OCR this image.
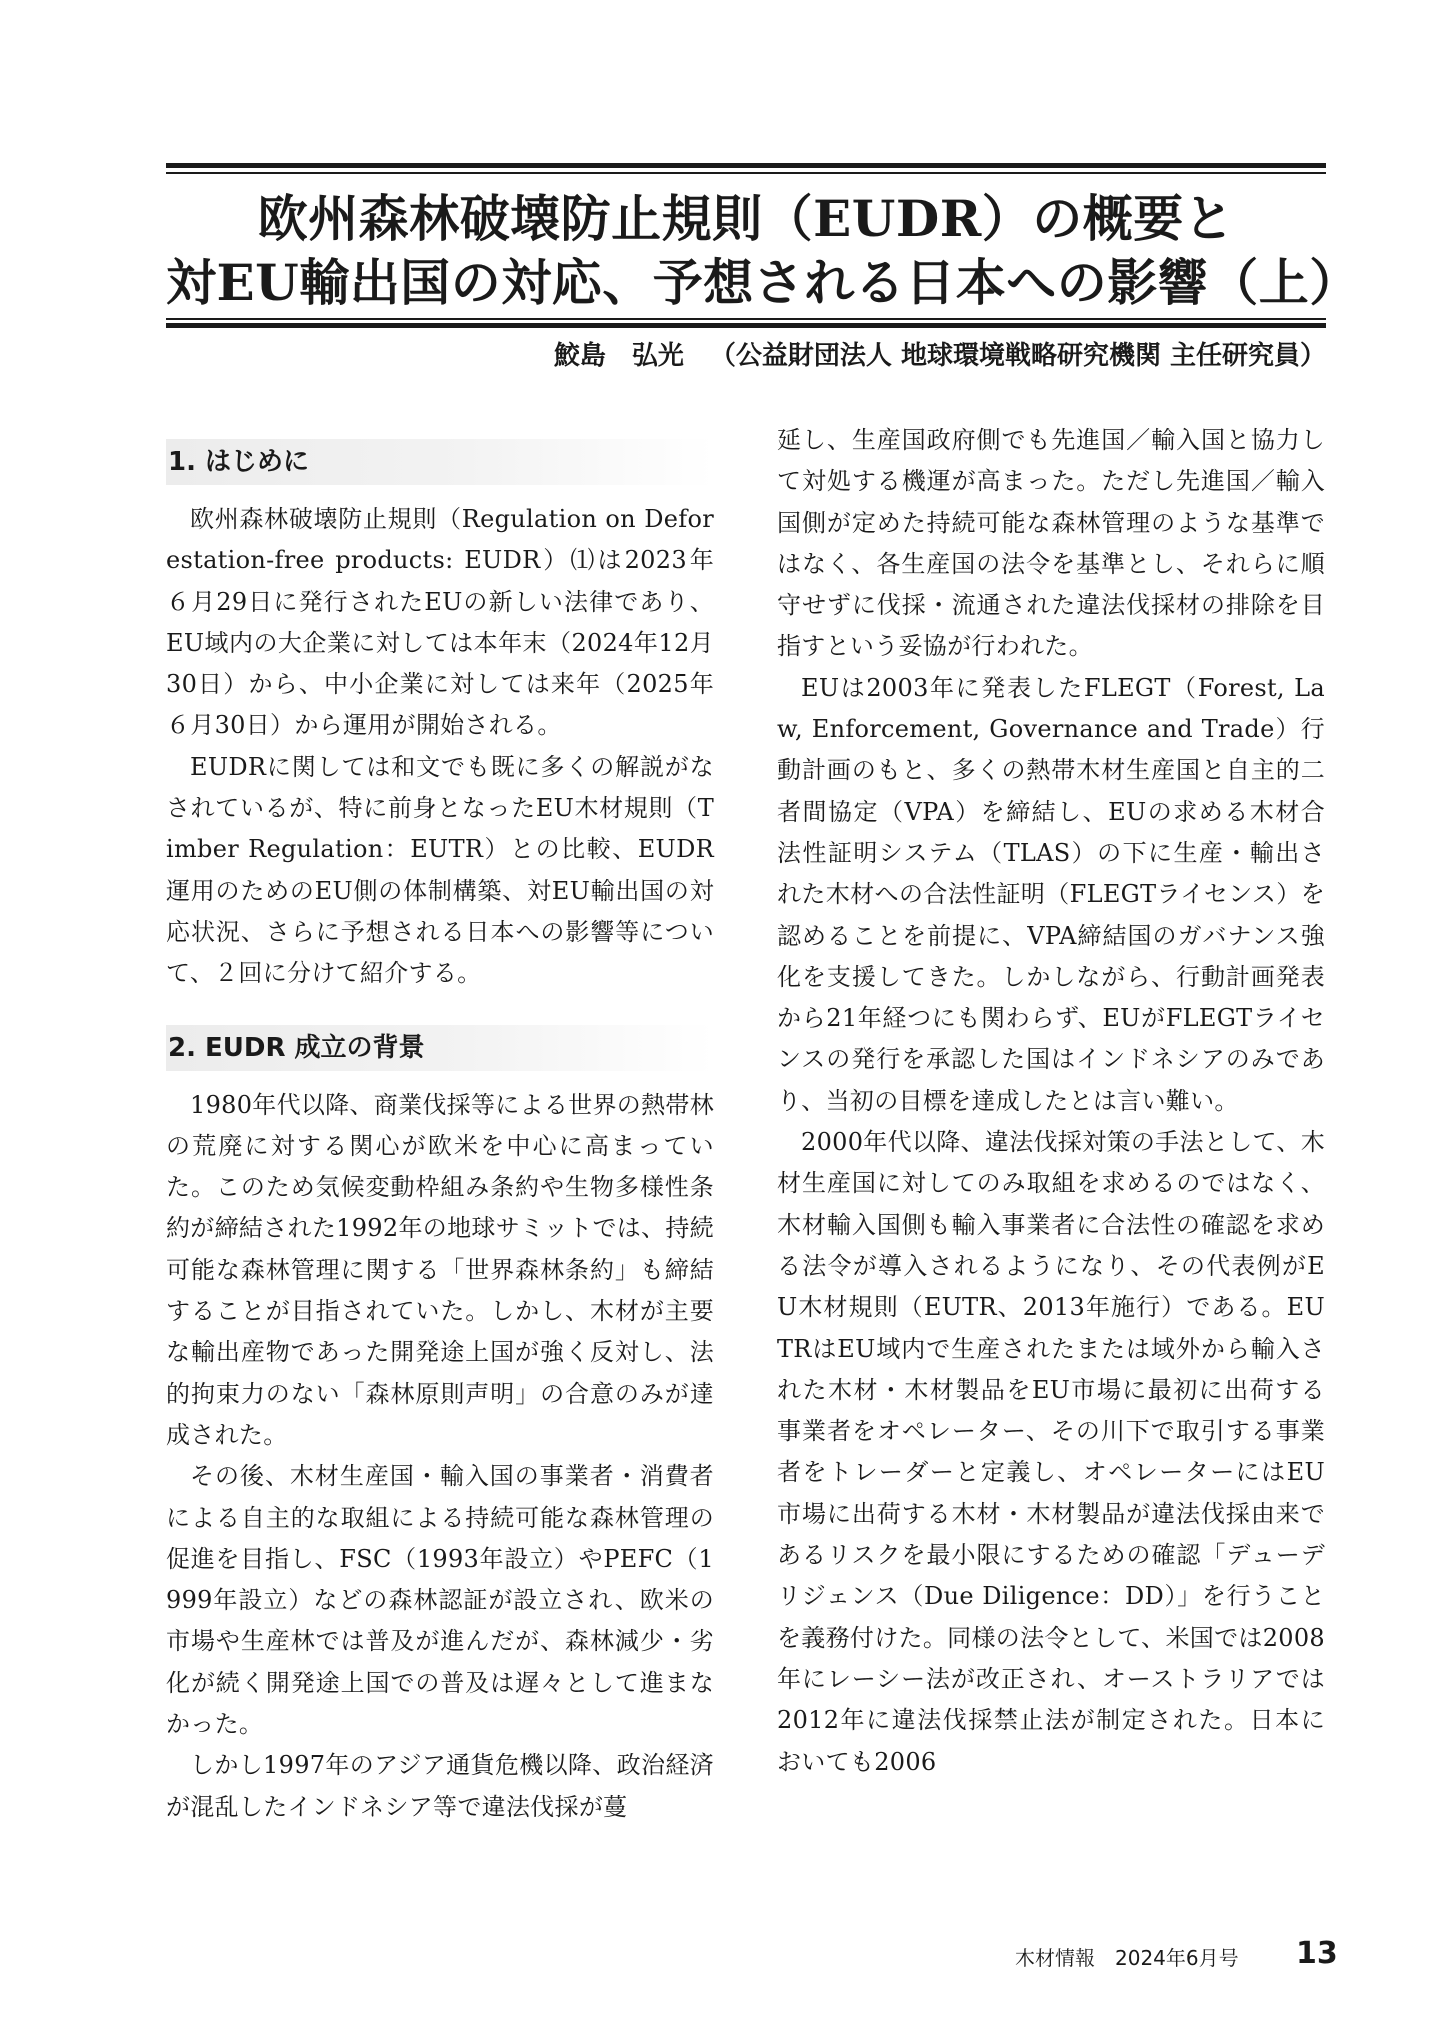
欧州森林破壊防止規則（EUDR）の概要と
対EU輸出国の対応、予想される日本への影響（上）
鮫島　弘光 （公益財団法人 地球環境戦略研究機関 主任研究員）
1. はじめに

欧州森林破壊防止規則（Regulation on Deforestation-free products: EUDR）⑴は2023年６月29日に発行されたEUの新しい法律であり、EU域内の大企業に対しては本年末（2024年12月30日）から、中小企業に対しては来年（2025年６月30日）から運用が開始される。

EUDRに関しては和文でも既に多くの解説がなされているが、特に前身となったEU木材規則（Timber Regulation：EUTR）との比較、EUDR運用のためのEU側の体制構築、対EU輸出国の対応状況、さらに予想される日本への影響等について、２回に分けて紹介する。

2. EUDR 成立の背景

1980年代以降、商業伐採等による世界の熱帯林の荒廃に対する関心が欧米を中心に高まっていた。このため気候変動枠組み条約や生物多様性条約が締結された1992年の地球サミットでは、持続可能な森林管理に関する「世界森林条約」も締結することが目指されていた。しかし、木材が主要な輸出産物であった開発途上国が強く反対し、法的拘束力のない「森林原則声明」の合意のみが達成された。

その後、木材生産国・輸入国の事業者・消費者による自主的な取組による持続可能な森林管理の促進を目指し、FSC（1993年設立）やPEFC（1999年設立）などの森林認証が設立され、欧米の市場や生産林では普及が進んだが、森林減少・劣化が続く開発途上国での普及は遅々として進まなかった。

しかし1997年のアジア通貨危機以降、政治経済が混乱したインドネシア等で違法伐採が蔓

延し、生産国政府側でも先進国／輸入国と協力して対処する機運が高まった。ただし先進国／輸入国側が定めた持続可能な森林管理のような基準ではなく、各生産国の法令を基準とし、それらに順守せずに伐採・流通された違法伐採材の排除を目指すという妥協が行われた。

EUは2003年に発表したFLEGT（Forest, Law, Enforcement, Governance and Trade）行動計画のもと、多くの熱帯木材生産国と自主的二者間協定（VPA）を締結し、EUの求める木材合法性証明システム（TLAS）の下に生産・輸出された木材への合法性証明（FLEGTライセンス）を認めることを前提に、VPA締結国のガバナンス強化を支援してきた。しかしながら、行動計画発表から21年経つにも関わらず、EUがFLEGTライセンスの発行を承認した国はインドネシアのみであり、当初の目標を達成したとは言い難い。

2000年代以降、違法伐採対策の手法として、木材生産国に対してのみ取組を求めるのではなく、木材輸入国側も輸入事業者に合法性の確認を求める法令が導入されるようになり、その代表例がEU木材規則（EUTR、2013年施行）である。EUTRはEU域内で生産されたまたは域外から輸入された木材・木材製品をEU市場に最初に出荷する事業者をオペレーター、その川下で取引する事業者をトレーダーと定義し、オペレーターにはEU市場に出荷する木材・木材製品が違法伐採由来であるリスクを最小限にするための確認「デューデリジェンス（Due Diligence：DD）」を行うことを義務付けた。同様の法令として、米国では2008年にレーシー法が改正され、オーストラリアでは2012年に違法伐採禁止法が制定された。日本においても2006

木材情報　2024年6月号 13
